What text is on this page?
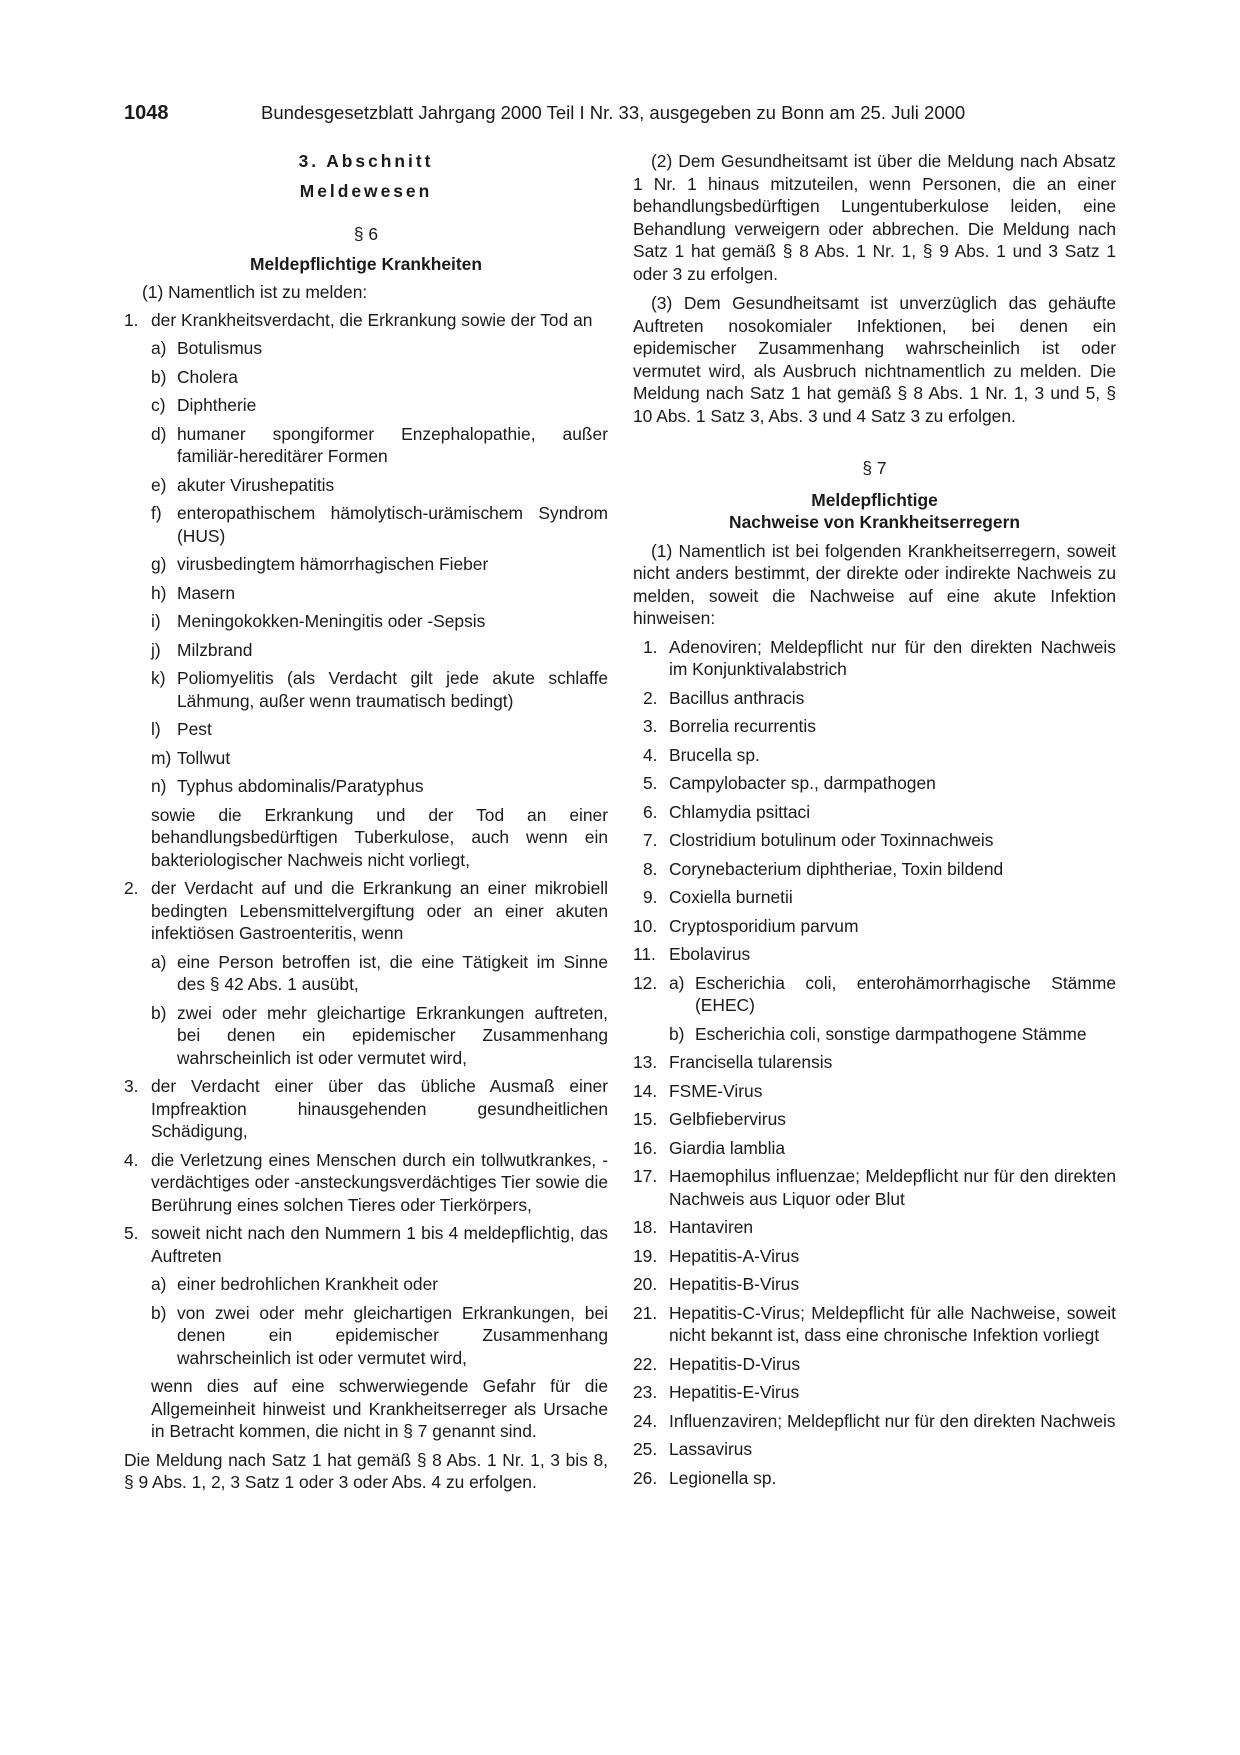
1048	Bundesgesetzblatt Jahrgang 2000 Teil I Nr. 33, ausgegeben zu Bonn am 25. Juli 2000

3. Abschnitt

Meldewesen

§ 6

Meldepflichtige Krankheiten

(1) Namentlich ist zu melden:

1. der Krankheitsverdacht, die Erkrankung sowie der Tod an
a) Botulismus
b) Cholera
c) Diphtherie
d) humaner spongiformer Enzephalopathie, außer familiär-hereditärer Formen
e) akuter Virushepatitis
f) enteropathischem hämolytisch-urämischem Syndrom (HUS)
g) virusbedingtem hämorrhagischen Fieber
h) Masern
i) Meningokokken-Meningitis oder -Sepsis
j) Milzbrand
k) Poliomyelitis (als Verdacht gilt jede akute schlaffe Lähmung, außer wenn traumatisch bedingt)
l) Pest
m) Tollwut
n) Typhus abdominalis/Paratyphus

sowie die Erkrankung und der Tod an einer behandlungsbedürftigen Tuberkulose, auch wenn ein bakteriologischer Nachweis nicht vorliegt,

2. der Verdacht auf und die Erkrankung an einer mikrobiell bedingten Lebensmittelvergiftung oder an einer akuten infektiösen Gastroenteritis, wenn
a) eine Person betroffen ist, die eine Tätigkeit im Sinne des § 42 Abs. 1 ausübt,
b) zwei oder mehr gleichartige Erkrankungen auftreten, bei denen ein epidemischer Zusammenhang wahrscheinlich ist oder vermutet wird,
3. der Verdacht einer über das übliche Ausmaß einer Impfreaktion hinausgehenden gesundheitlichen Schädigung,
4. die Verletzung eines Menschen durch ein tollwutkrankes, -verdächtiges oder -ansteckungsverdächtiges Tier sowie die Berührung eines solchen Tieres oder Tierkörpers,
5. soweit nicht nach den Nummern 1 bis 4 meldepflichtig, das Auftreten
a) einer bedrohlichen Krankheit oder
b) von zwei oder mehr gleichartigen Erkrankungen, bei denen ein epidemischer Zusammenhang wahrscheinlich ist oder vermutet wird,

wenn dies auf eine schwerwiegende Gefahr für die Allgemeinheit hinweist und Krankheitserreger als Ursache in Betracht kommen, die nicht in § 7 genannt sind.

Die Meldung nach Satz 1 hat gemäß § 8 Abs. 1 Nr. 1, 3 bis 8, § 9 Abs. 1, 2, 3 Satz 1 oder 3 oder Abs. 4 zu erfolgen.

(2) Dem Gesundheitsamt ist über die Meldung nach Absatz 1 Nr. 1 hinaus mitzuteilen, wenn Personen, die an einer behandlungsbedürftigen Lungentuberkulose leiden, eine Behandlung verweigern oder abbrechen. Die Meldung nach Satz 1 hat gemäß § 8 Abs. 1 Nr. 1, § 9 Abs. 1 und 3 Satz 1 oder 3 zu erfolgen.

(3) Dem Gesundheitsamt ist unverzüglich das gehäufte Auftreten nosokomialer Infektionen, bei denen ein epidemischer Zusammenhang wahrscheinlich ist oder vermutet wird, als Ausbruch nichtnamentlich zu melden. Die Meldung nach Satz 1 hat gemäß § 8 Abs. 1 Nr. 1, 3 und 5, § 10 Abs. 1 Satz 3, Abs. 3 und 4 Satz 3 zu erfolgen.

§ 7

Meldepflichtige

Nachweise von Krankheitserregern

(1) Namentlich ist bei folgenden Krankheitserregern, soweit nicht anders bestimmt, der direkte oder indirekte Nachweis zu melden, soweit die Nachweise auf eine akute Infektion hinweisen:

1. Adenoviren; Meldepflicht nur für den direkten Nachweis im Konjunktivalabstrich
2. Bacillus anthracis
3. Borrelia recurrentis
4. Brucella sp.
5. Campylobacter sp., darmpathogen
6. Chlamydia psittaci
7. Clostridium botulinum oder Toxinnachweis
8. Corynebacterium diphtheriae, Toxin bildend
9. Coxiella burnetii
10. Cryptosporidium parvum
11. Ebolavirus
12. a) Escherichia coli, enterohämorrhagische Stämme (EHEC)
b) Escherichia coli, sonstige darmpathogene Stämme
13. Francisella tularensis
14. FSME-Virus
15. Gelbfiebervirus
16. Giardia lamblia
17. Haemophilus influenzae; Meldepflicht nur für den direkten Nachweis aus Liquor oder Blut
18. Hantaviren
19. Hepatitis-A-Virus
20. Hepatitis-B-Virus
21. Hepatitis-C-Virus; Meldepflicht für alle Nachweise, soweit nicht bekannt ist, dass eine chronische Infektion vorliegt
22. Hepatitis-D-Virus
23. Hepatitis-E-Virus
24. Influenzaviren; Meldepflicht nur für den direkten Nachweis
25. Lassavirus
26. Legionella sp.
